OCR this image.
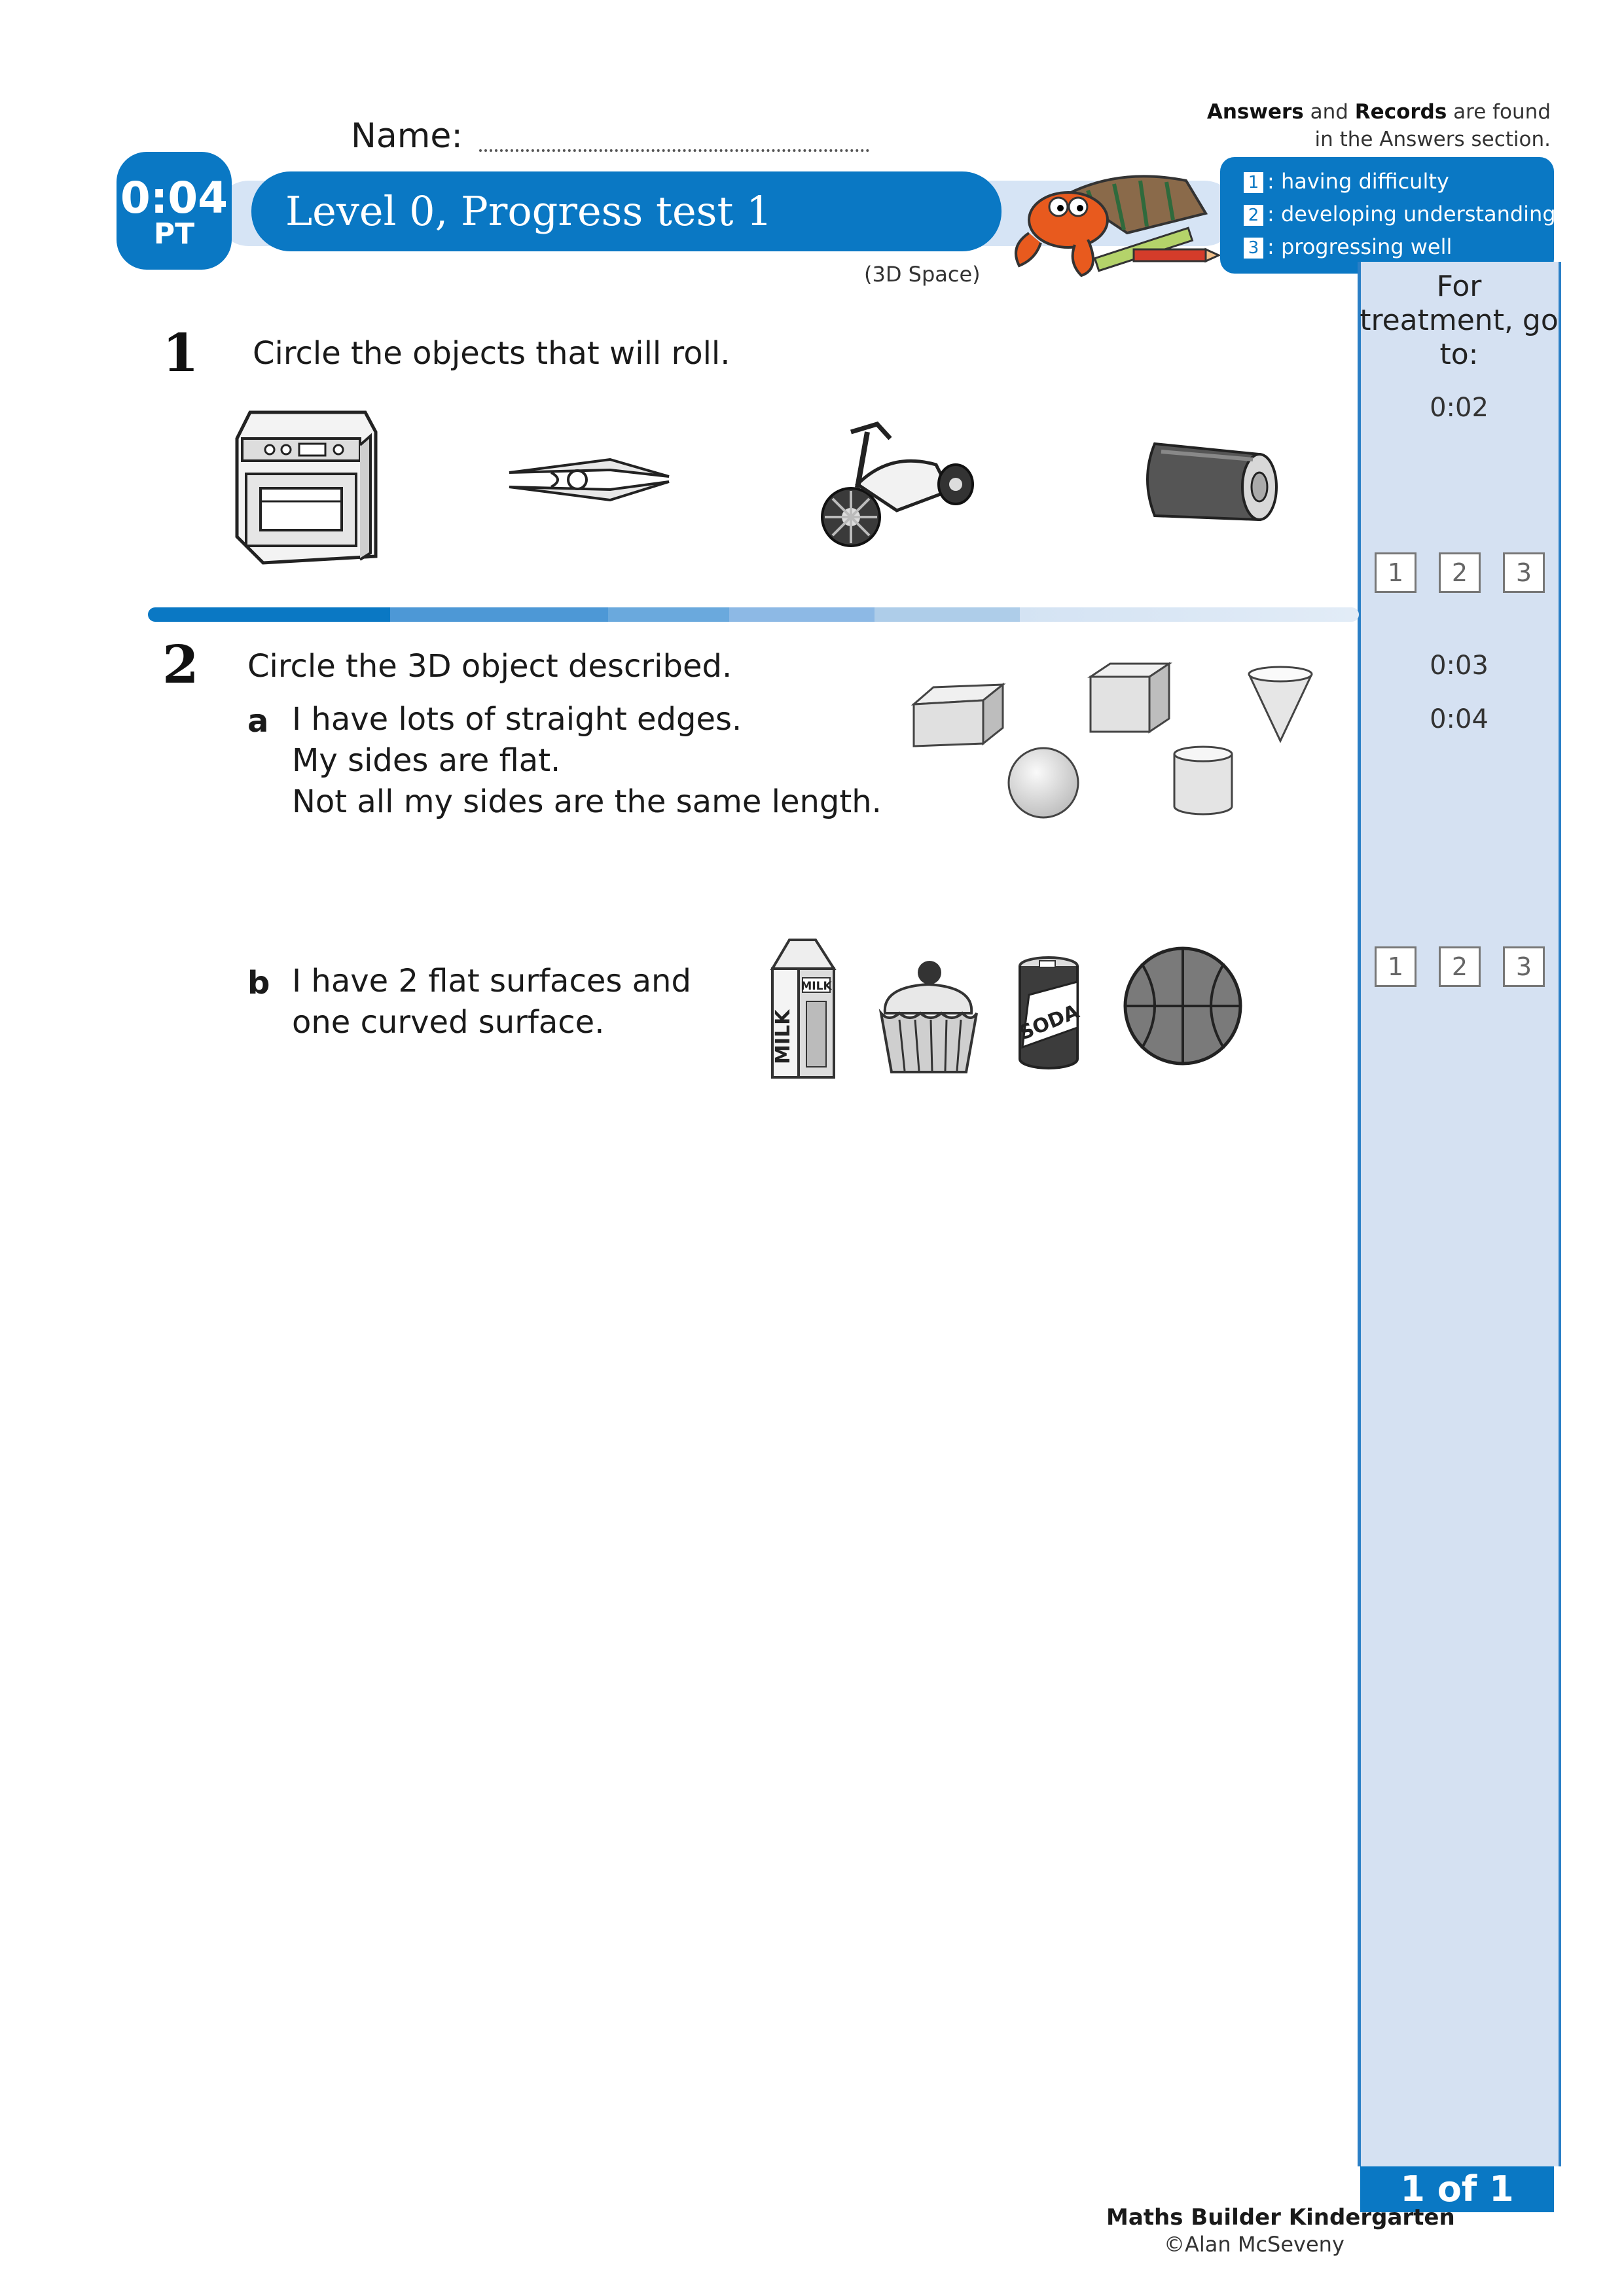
Name:
Answers and Records are found in the Answers section.
0:04
PT	Level 0, Progress test 1
(3D Space)
1 : having difficulty
2 : developing understanding
3 : progressing well
For treatment, go to:
0:02
1	2	3
0:03
0:04
1	2	3
1 of 1
1 Circle the objects that will roll.
2 Circle the 3D object described.
a I have lots of straight edges.
My sides are flat.
Not all my sides are the same length.
b I have 2 flat surfaces and
one curved surface.
MILK
MILK	SODA
Maths Builder Kindergarten
©Alan McSeveny
